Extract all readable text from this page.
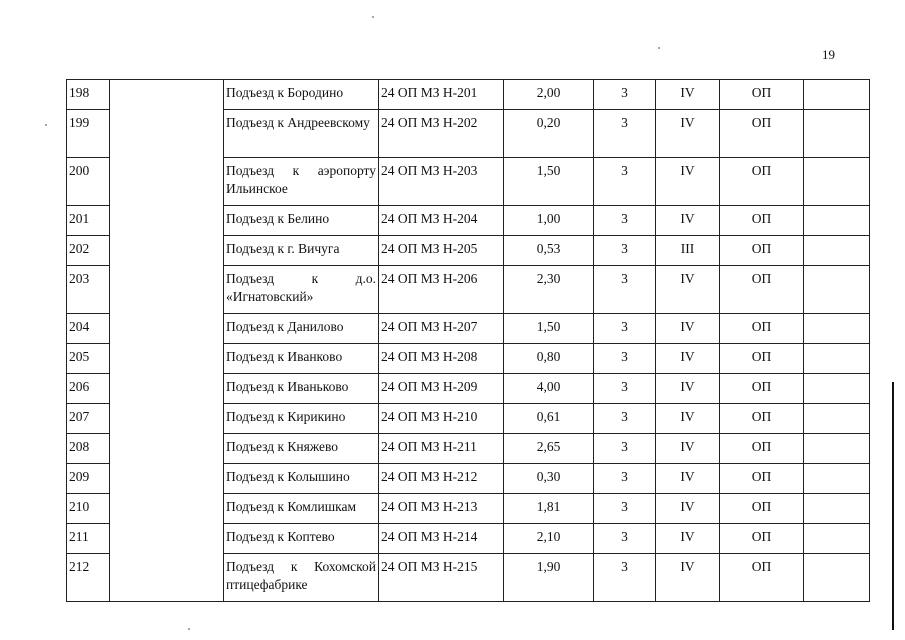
19
198		Подъезд к Бородино	24 ОП МЗ Н-201	2,00	3	IV	ОП	
199		Подъезд к Андреевскому	24 ОП МЗ Н-202	0,20	3	IV	ОП	
200		Подъезд к аэропорту Ильинское	24 ОП МЗ Н-203	1,50	3	IV	ОП	
201		Подъезд к Белино	24 ОП МЗ Н-204	1,00	3	IV	ОП	
202		Подъезд к г. Вичуга	24 ОП МЗ Н-205	0,53	3	III	ОП	
203		Подъезд к д.о. «Игнатовский»	24 ОП МЗ Н-206	2,30	3	IV	ОП	
204		Подъезд к Данилово	24 ОП МЗ Н-207	1,50	3	IV	ОП	
205		Подъезд к Иванково	24 ОП МЗ Н-208	0,80	3	IV	ОП	
206		Подъезд к Иваньково	24 ОП МЗ Н-209	4,00	3	IV	ОП	
207		Подъезд к Кирикино	24 ОП МЗ Н-210	0,61	3	IV	ОП	
208		Подъезд к Княжево	24 ОП МЗ Н-211	2,65	3	IV	ОП	
209		Подъезд к Колышино	24 ОП МЗ Н-212	0,30	3	IV	ОП	
210		Подъезд к Комлишкам	24 ОП МЗ Н-213	1,81	3	IV	ОП	
211		Подъезд к Коптево	24 ОП МЗ Н-214	2,10	3	IV	ОП	
212		Подъезд к Кохомской птицефабрике	24 ОП МЗ Н-215	1,90	3	IV	ОП	
